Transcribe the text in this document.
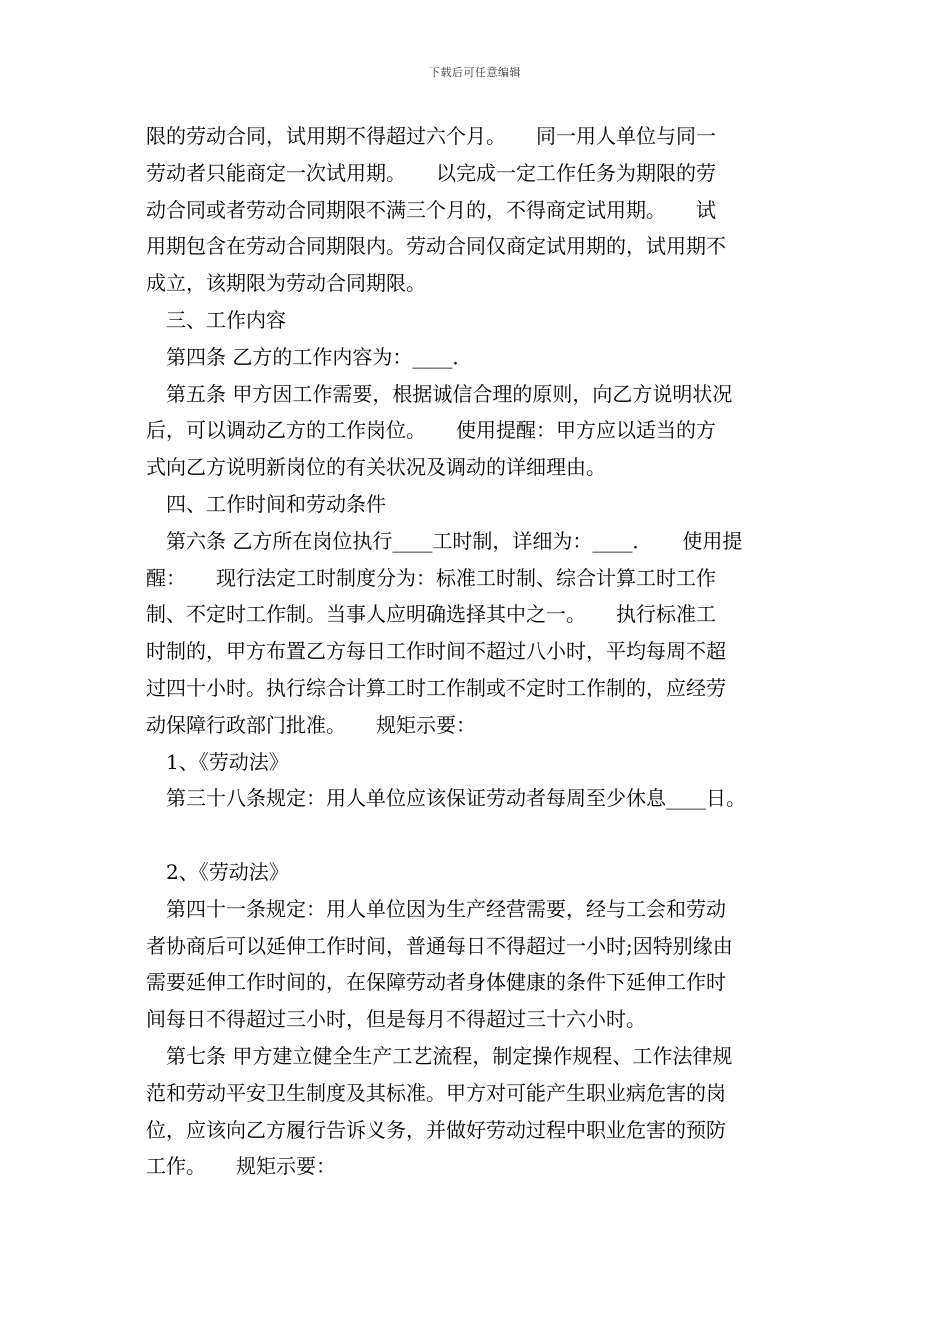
下载后可任意编辑
限的劳动合同，试用期不得超过六个月。　　同一用人单位与同一
劳动者只能商定一次试用期。　　以完成一定工作任务为期限的劳
动合同或者劳动合同期限不满三个月的，不得商定试用期。　　试
用期包含在劳动合同期限内。劳动合同仅商定试用期的，试用期不
成立，该期限为劳动合同期限。
三、工作内容
第四条 乙方的工作内容为：____．
第五条 甲方因工作需要，根据诚信合理的原则，向乙方说明状况
后，可以调动乙方的工作岗位。　　使用提醒：甲方应以适当的方
式向乙方说明新岗位的有关状况及调动的详细理由。
四、工作时间和劳动条件
第六条 乙方所在岗位执行____工时制，详细为：____．　　使用提
醒：　　现行法定工时制度分为：标准工时制、综合计算工时工作
制、不定时工作制。当事人应明确选择其中之一。　　执行标准工
时制的，甲方布置乙方每日工作时间不超过八小时，平均每周不超
过四十小时。执行综合计算工时工作制或不定时工作制的，应经劳
动保障行政部门批准。　　规矩示要：
1、《劳动法》
第三十八条规定：用人单位应该保证劳动者每周至少休息____日。
2、《劳动法》
第四十一条规定：用人单位因为生产经营需要，经与工会和劳动
者协商后可以延伸工作时间，普通每日不得超过一小时;因特别缘由
需要延伸工作时间的，在保障劳动者身体健康的条件下延伸工作时
间每日不得超过三小时，但是每月不得超过三十六小时。
第七条 甲方建立健全生产工艺流程，制定操作规程、工作法律规
范和劳动平安卫生制度及其标准。甲方对可能产生职业病危害的岗
位，应该向乙方履行告诉义务，并做好劳动过程中职业危害的预防
工作。　　规矩示要：
